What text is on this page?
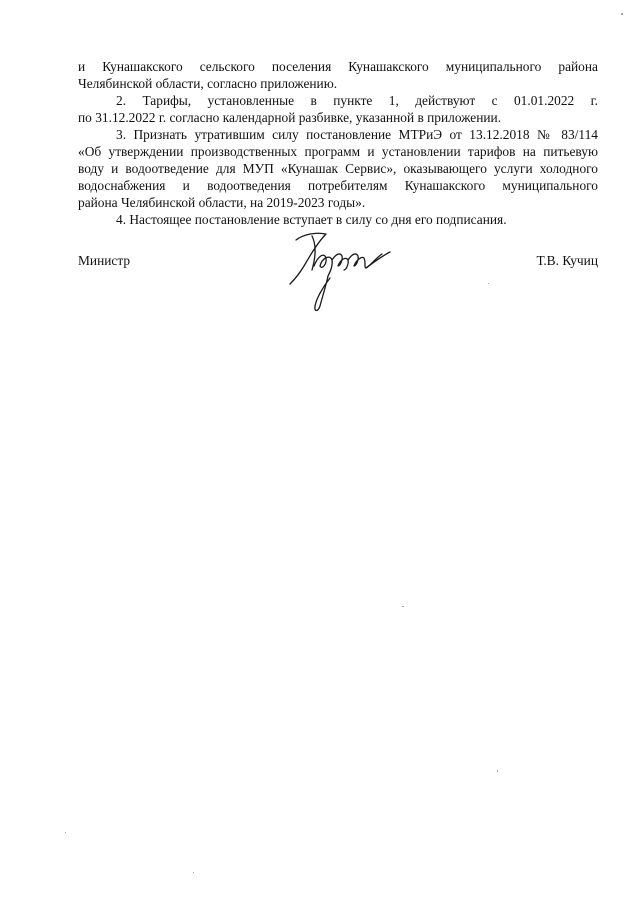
и Кунашакского сельского поселения Кунашакского муниципального района
Челябинской области, согласно приложению.
2. Тарифы, установленные в пункте 1, действуют с 01.01.2022 г.
по 31.12.2022 г. согласно календарной разбивке, указанной в приложении.
3. Признать утратившим силу постановление МТРиЭ от 13.12.2018 № 83/114
«Об утверждении производственных программ и установлении тарифов на питьевую
воду и водоотведение для МУП «Кунашак Сервис», оказывающего услуги холодного
водоснабжения и водоотведения потребителям Кунашакского муниципального
района Челябинской области, на 2019-2023 годы».
4. Настоящее постановление вступает в силу со дня его подписания.
Министр	Т.В. Кучиц
